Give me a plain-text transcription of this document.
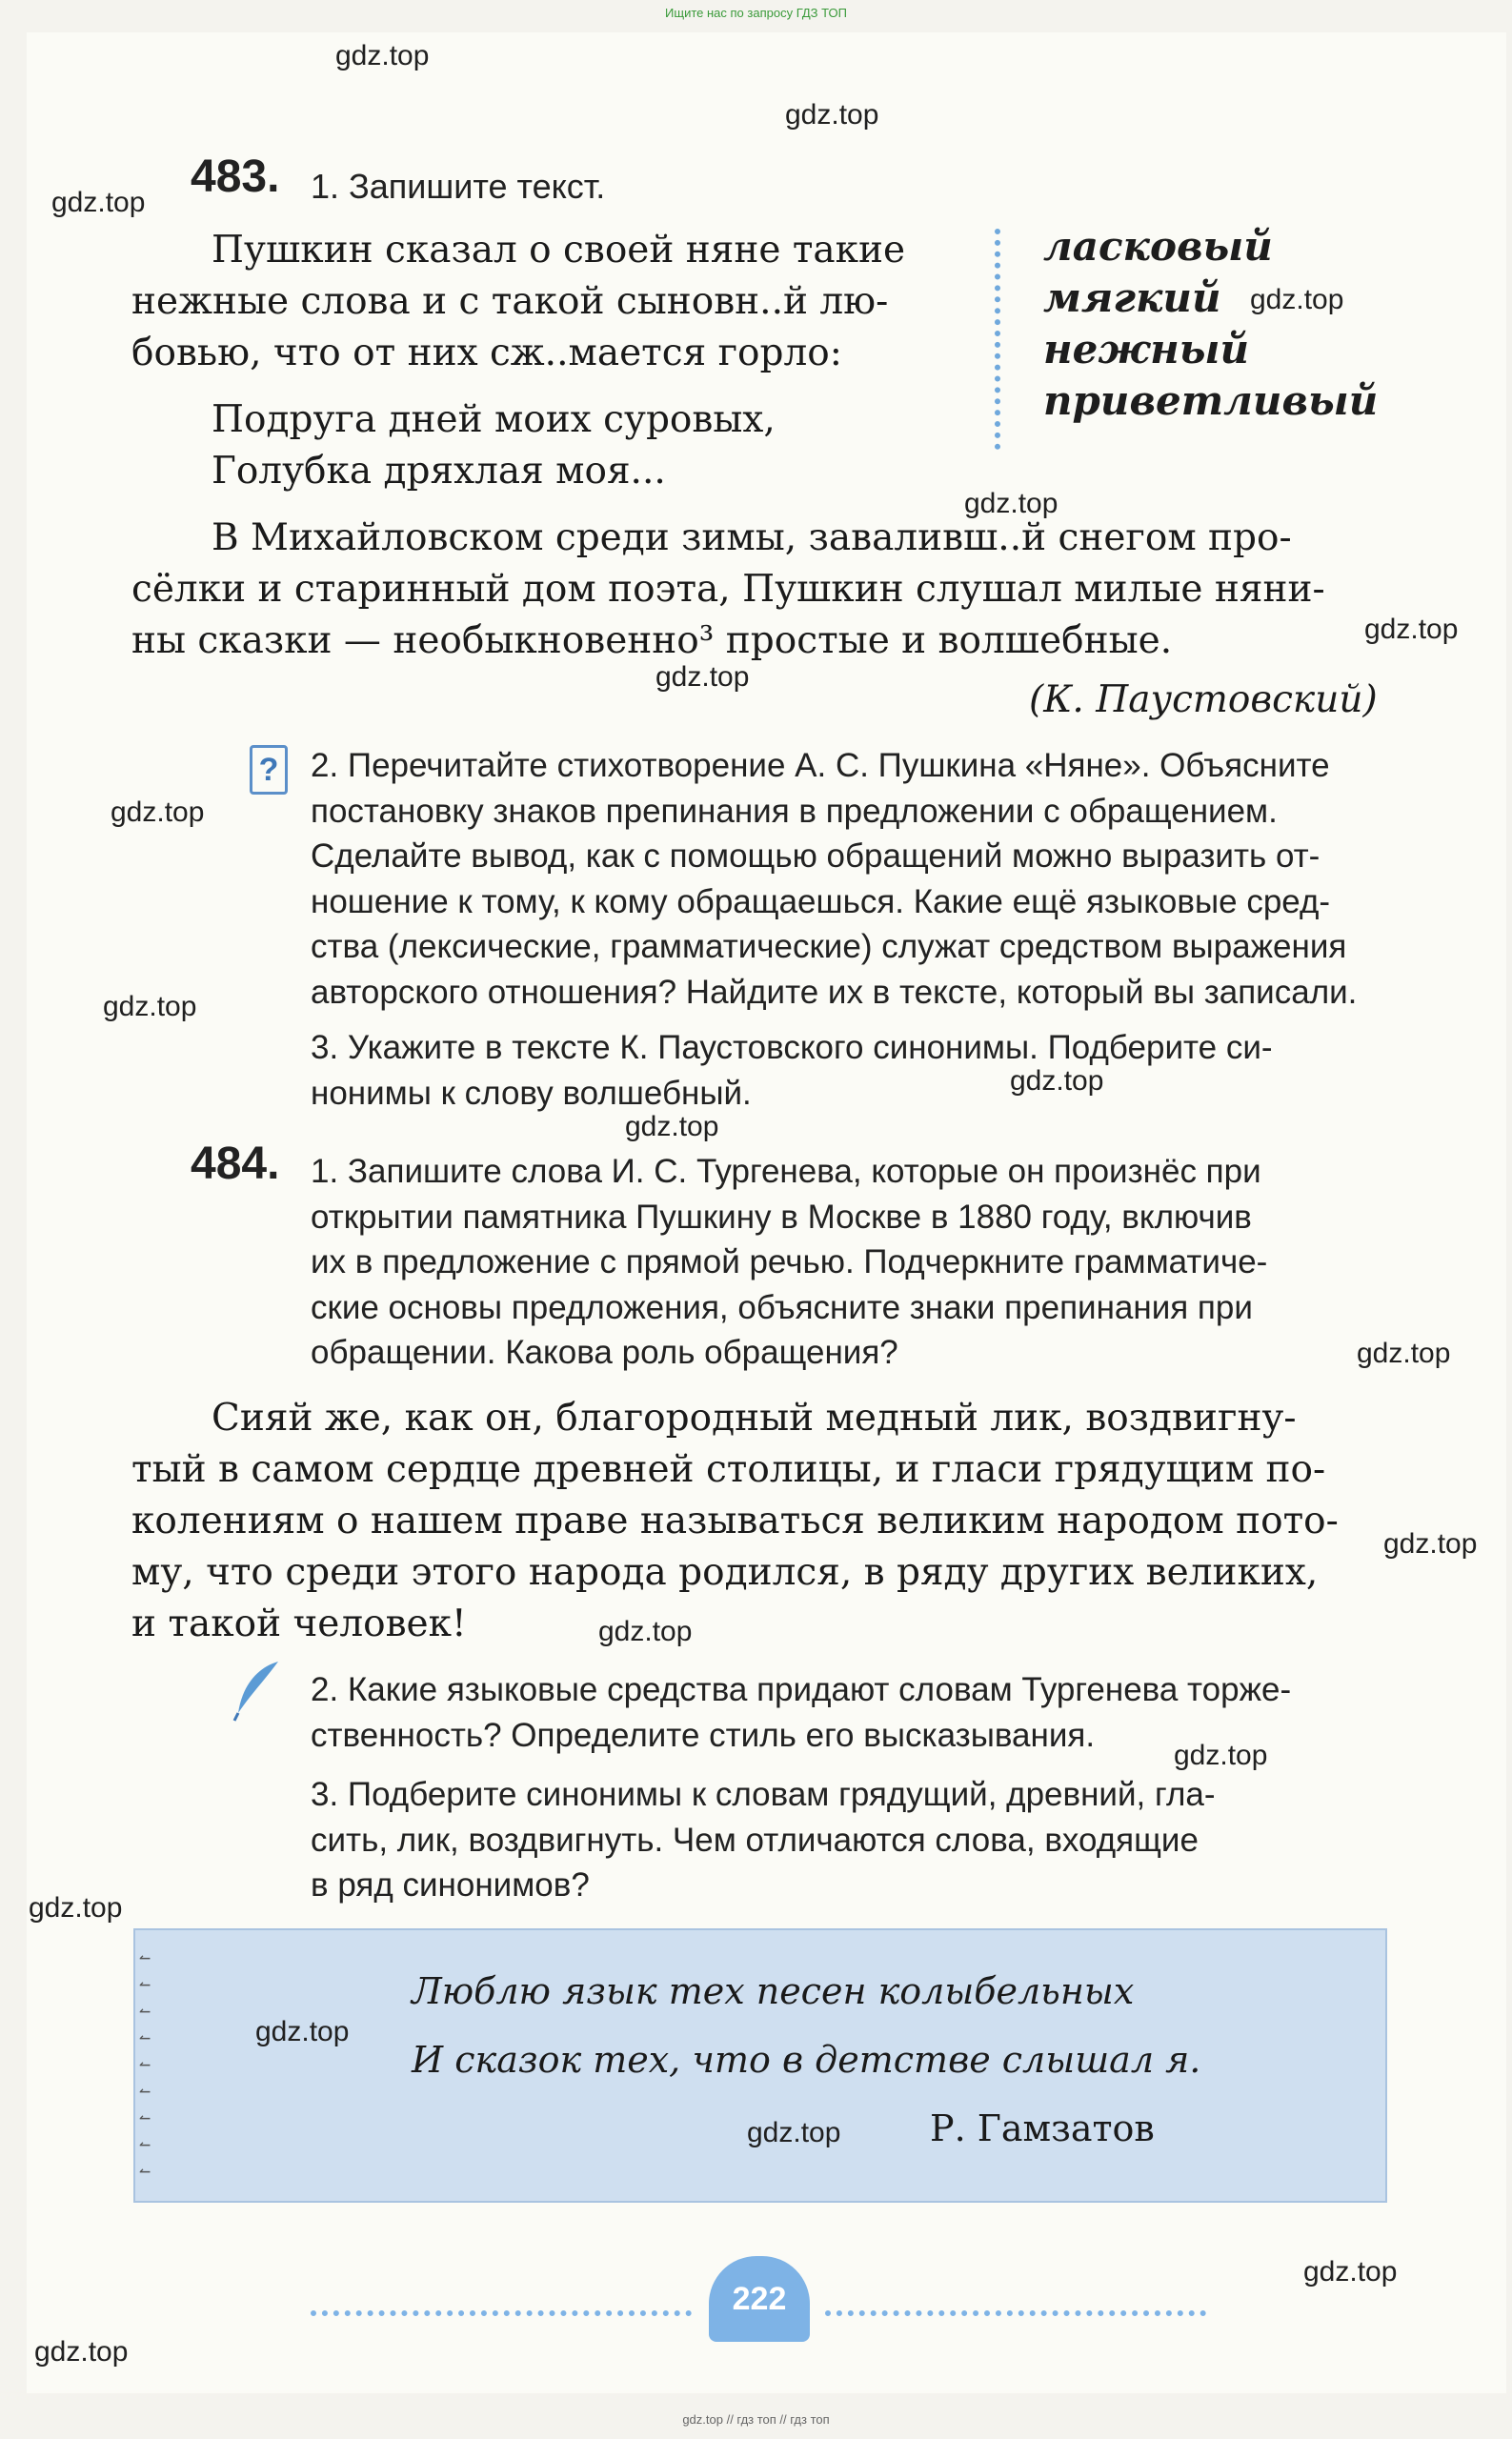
Ищите нас по запросу ГДЗ ТОП
483. 1. Запишите текст.
Пушкин сказал о своей няне такие
нежные слова и с такой сыновн..й лю-
бовью, что от них сж..мается горло:
ласковый
мягкий
нежный
приветливый
Подруга дней моих суровых,
Голубка дряхлая моя...
В Михайловском среди зимы, заваливш..й снегом про-
сёлки и старинный дом поэта, Пушкин слушал милые няни-
ны сказки — необыкновенно³ простые и волшебные.
(К. Паустовский)
? 2. Перечитайте стихотворение А. С. Пушкина «Няне». Объясните
постановку знаков препинания в предложении с обращением.
Сделайте вывод, как с помощью обращений можно выразить от-
ношение к тому, к кому обращаешься. Какие ещё языковые сред-
ства (лексические, грамматические) служат средством выражения
авторского отношения? Найдите их в тексте, который вы записали.
3. Укажите в тексте К. Паустовского синонимы. Подберите си-
нонимы к слову волшебный.
484. 1. Запишите слова И. С. Тургенева, которые он произнёс при
открытии памятника Пушкину в Москве в 1880 году, включив
их в предложение с прямой речью. Подчеркните грамматиче-
ские основы предложения, объясните знаки препинания при
обращении. Какова роль обращения?
Сияй же, как он, благородный медный лик, воздвигну-
тый в самом сердце древней столицы, и гласи грядущим по-
колениям о нашем праве называться великим народом пото-
му, что среди этого народа родился, в ряду других великих,
и такой человек!
2. Какие языковые средства придают словам Тургенева торже-
ственность? Определите стиль его высказывания.
3. Подберите синонимы к словам грядущий, древний, гла-
сить, лик, воздвигнуть. Чем отличаются слова, входящие
в ряд синонимов?
↼
↼
↼
↼
↼
↼
↼
↼
↼
Люблю язык тех песен колыбельных
И сказок тех, что в детстве слышал я.
Р. Гамзатов
222
gdz.top
gdz.top
gdz.top
gdz.top
gdz.top
gdz.top
gdz.top
gdz.top
gdz.top
gdz.top
gdz.top
gdz.top
gdz.top
gdz.top
gdz.top
gdz.top
gdz.top
gdz.top
gdz.top
gdz.top
gdz.top // гдз топ // гдз топ
